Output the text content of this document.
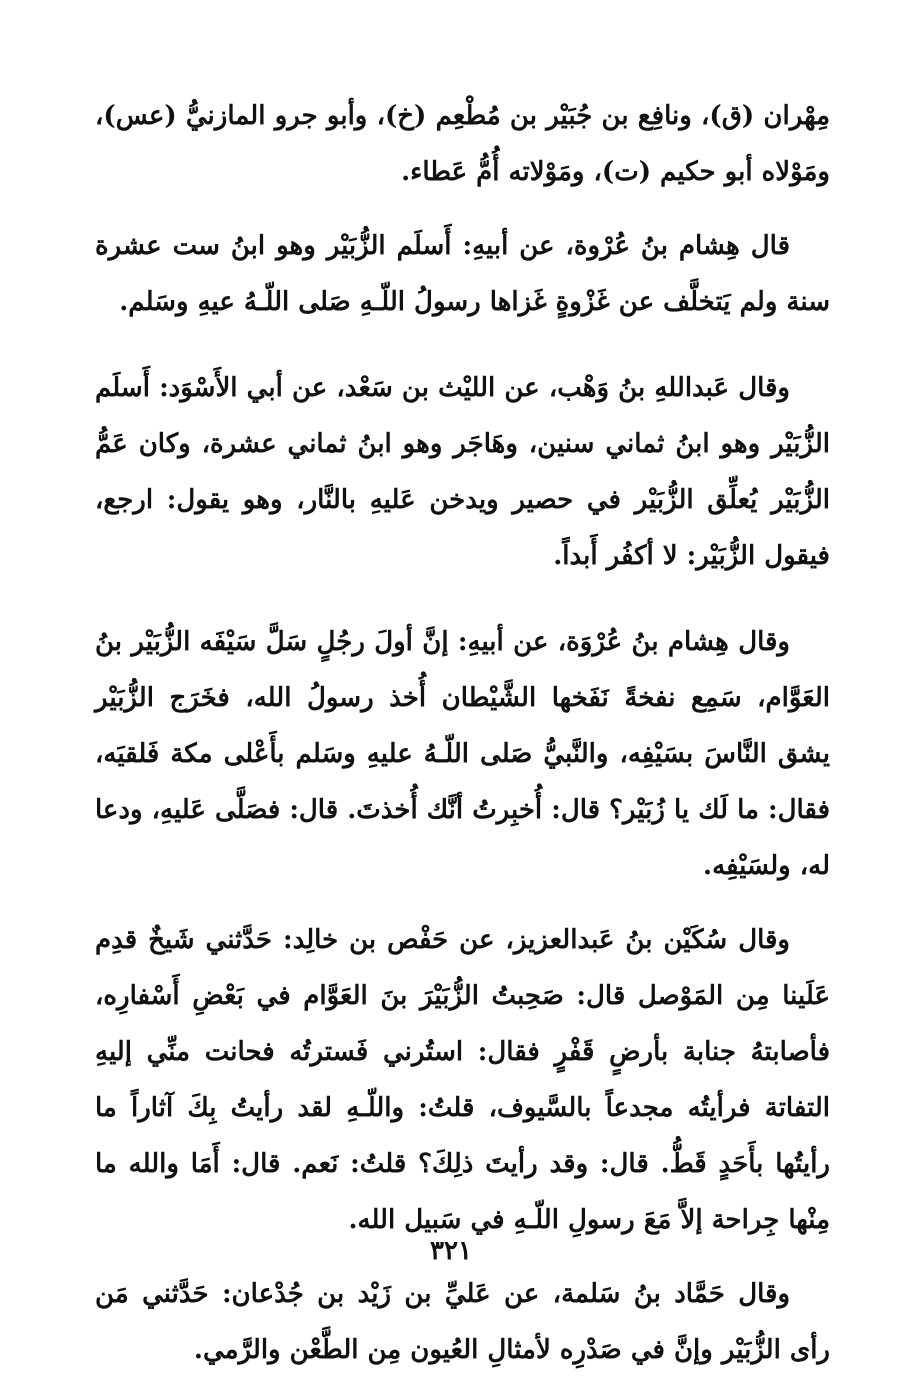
مِهْران (ق)، ونافِع بن جُبَيْر بن مُطْعِم (خ)، وأبو جرو المازنيُّ (عس)، ومَوْلاه أبو حكيم (ت)، ومَوْلاته أُمُّ عَطاء.

قال هِشام بنُ عُرْوة، عن أبيهِ: أَسلَم الزُّبَيْر وهو ابنُ ست عشرة سنة ولم يَتخلَّف عن غَزْوةٍ غَزاها رسولُ اللّـهِ صَلى اللّـهُ عيهِ وسَلم.

وقال عَبداللهِ بنُ وَهْب، عن الليْث بن سَعْد، عن أبي الأَسْوَد: أَسلَم الزُّبَيْر وهو ابنُ ثماني سنين، وهَاجَر وهو ابنُ ثماني عشرة، وكان عَمُّ الزُّبَيْر يُعلِّق الزُّبَيْر في حصير ويدخن عَليهِ بالنَّار، وهو يقول: ارجع، فيقول الزُّبَيْر: لا أكفُر أَبداً.

وقال هِشام بنُ عُرْوَة، عن أبيهِ: إنَّ أولَ رجُلٍ سَلَّ سَيْفَه الزُّبَيْر بنُ العَوَّام، سَمِع نفخةً نَفَخها الشَّيْطان أُخذ رسولُ الله، فخَرَج الزُّبَيْر يشق النَّاسَ بسَيْفِه، والنَّبيُّ صَلى اللّـهُ عليهِ وسَلم بأَعْلى مكة فَلقيَه، فقال: ما لَك يا زُبَيْر؟ قال: أُخبِرتُ أنَّك أُخذتَ. قال: فصَلَّى عَليهِ، ودعا له، ولسَيْفِه.

وقال سُكَيْن بنُ عَبدالعزيز، عن حَفْص بن خالِد: حَدَّثني شَيخٌ قدِم عَلَينا مِن المَوْصل قال: صَحِبتُ الزُّبَيْرَ بنَ العَوَّام في بَعْضِ أَسْفارِه، فأصابتهُ جنابة بأرضٍ قَفْرٍ فقال: استُرني فَسترتُه فحانت منِّي إليهِ التفاتة فرأيتُه مجدعاً بالسَّيوف، قلتُ: واللّـهِ لقد رأيتُ بِكَ آثاراً ما رأيتُها بأَحَدٍ قَطُّ. قال: وقد رأيتَ ذلِكَ؟ قلتُ: نَعم. قال: أَمَا والله ما مِنْها جِراحة إلاَّ مَعَ رسولِ اللّـهِ في سَبيل الله.

وقال حَمَّاد بنُ سَلمة، عن عَليِّ بن زَيْد بن جُدْعان: حَدَّثني مَن رأى الزُّبَيْر وإنَّ في صَدْرِه لأمثالِ العُيون مِن الطَّعْن والرَّمي.

٣٢١
